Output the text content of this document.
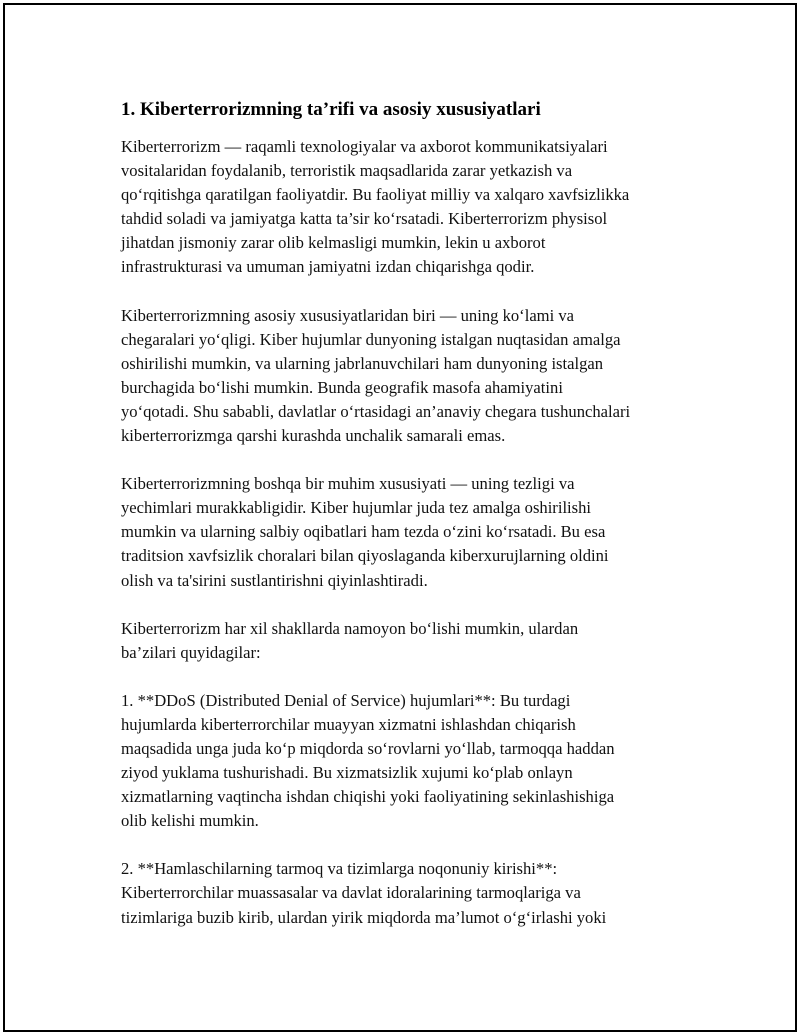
1. Kiberterrorizmning ta’rifi va asosiy xususiyatlari

Kiberterrorizm — raqamli texnologiyalar va axborot kommunikatsiyalari
vositalaridan foydalanib, terroristik maqsadlarida zarar yetkazish va
qo‘rqitishga qaratilgan faoliyatdir. Bu faoliyat milliy va xalqaro xavfsizlikka
tahdid soladi va jamiyatga katta ta’sir ko‘rsatadi. Kiberterrorizm physisol
jihatdan jismoniy zarar olib kelmasligi mumkin, lekin u axborot
infrastrukturasi va umuman jamiyatni izdan chiqarishga qodir.

Kiberterrorizmning asosiy xususiyatlaridan biri — uning ko‘lami va
chegaralari yo‘qligi. Kiber hujumlar dunyoning istalgan nuqtasidan amalga
oshirilishi mumkin, va ularning jabrlanuvchilari ham dunyoning istalgan
burchagida bo‘lishi mumkin. Bunda geografik masofa ahamiyatini
yo‘qotadi. Shu sababli, davlatlar o‘rtasidagi an’anaviy chegara tushunchalari
kiberterrorizmga qarshi kurashda unchalik samarali emas.

Kiberterrorizmning boshqa bir muhim xususiyati — uning tezligi va
yechimlari murakkabligidir. Kiber hujumlar juda tez amalga oshirilishi
mumkin va ularning salbiy oqibatlari ham tezda o‘zini ko‘rsatadi. Bu esa
traditsion xavfsizlik choralari bilan qiyoslaganda kiberxurujlarning oldini
olish va ta'sirini sustlantirishni qiyinlashtiradi.

Kiberterrorizm har xil shakllarda namoyon bo‘lishi mumkin, ulardan
ba’zilari quyidagilar:

1. **DDoS (Distributed Denial of Service) hujumlari**: Bu turdagi
hujumlarda kiberterrorchilar muayyan xizmatni ishlashdan chiqarish
maqsadida unga juda ko‘p miqdorda so‘rovlarni yo‘llab, tarmoqqa haddan
ziyod yuklama tushurishadi. Bu xizmatsizlik xujumi ko‘plab onlayn
xizmatlarning vaqtincha ishdan chiqishi yoki faoliyatining sekinlashishiga
olib kelishi mumkin.

2. **Hamlaschilarning tarmoq va tizimlarga noqonuniy kirishi**:
Kiberterrorchilar muassasalar va davlat idoralarining tarmoqlariga va
tizimlariga buzib kirib, ulardan yirik miqdorda ma’lumot o‘g‘irlashi yoki
